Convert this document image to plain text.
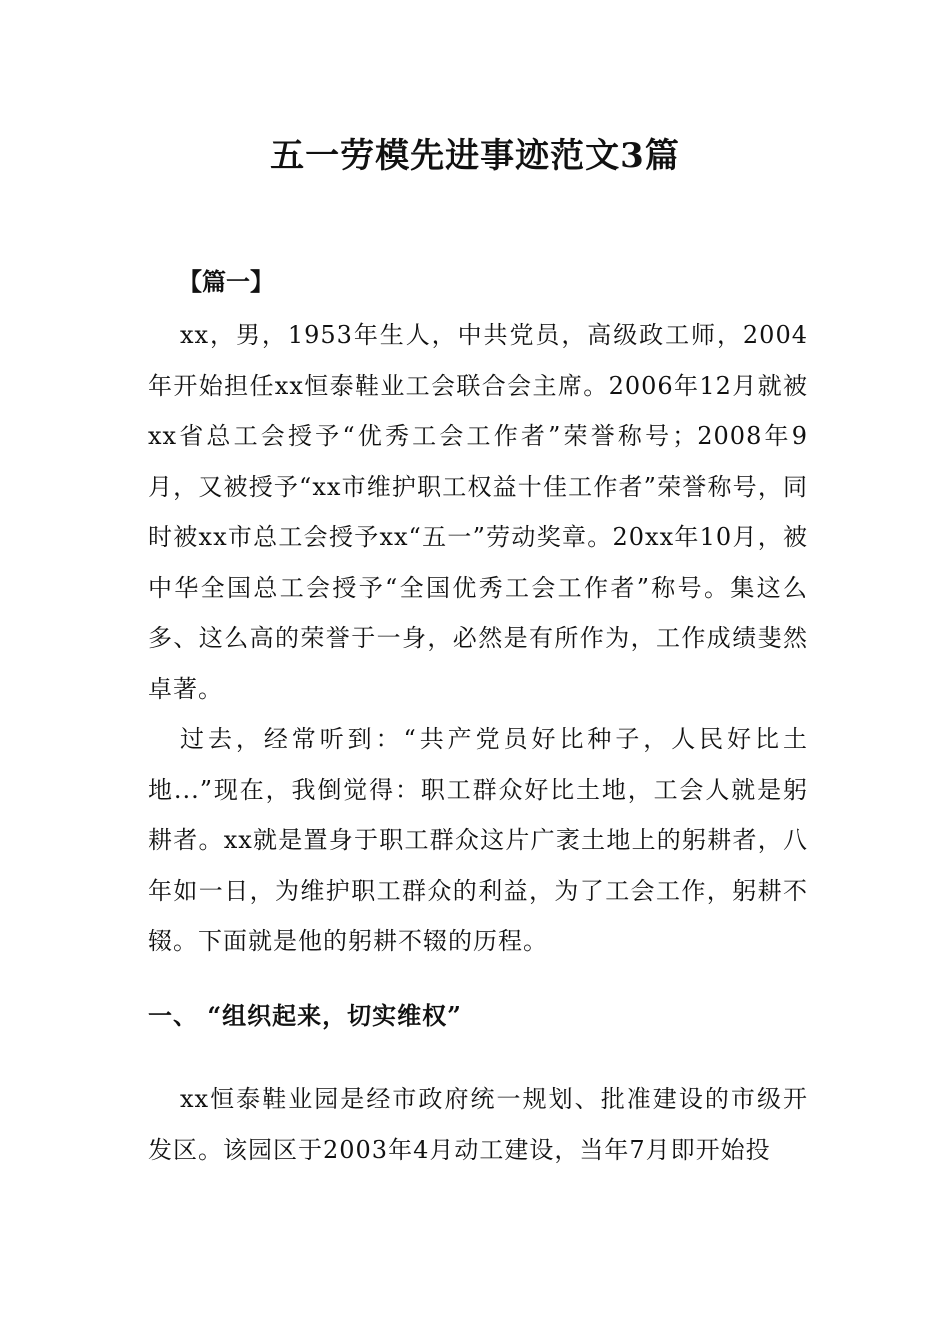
五一劳模先进事迹范文3篇
【篇一】

xx，男，1953年生人，中共党员，高级政工师，2004年开始担任xx恒泰鞋业工会联合会主席。2006年12月就被xx省总工会授予“优秀工会工作者”荣誉称号；2008年9月，又被授予“xx市维护职工权益十佳工作者”荣誉称号，同时被xx市总工会授予xx“五一”劳动奖章。20xx年10月，被中华全国总工会授予“全国优秀工会工作者”称号。集这么多、这么高的荣誉于一身，必然是有所作为，工作成绩斐然卓著。

过去，经常听到：“共产党员好比种子，人民好比土地...”现在，我倒觉得：职工群众好比土地，工会人就是躬耕者。xx就是置身于职工群众这片广袤土地上的躬耕者，八年如一日，为维护职工群众的利益，为了工会工作，躬耕不辍。下面就是他的躬耕不辍的历程。

一、 “组织起来，切实维权”

xx恒泰鞋业园是经市政府统一规划、批准建设的市级开发区。该园区于2003年4月动工建设，当年7月即开始投
